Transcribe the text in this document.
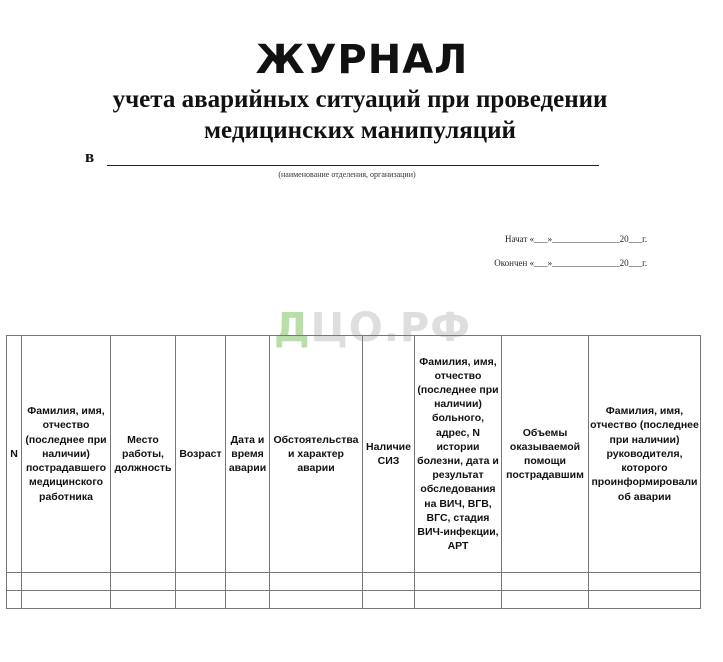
ЖУРНАЛ

учета аварийных ситуаций при проведении
медицинских манипуляций

в
(наименование отделения, организации)
Начат «___»_______________20___г.
Окончен «___»_______________20___г.
ДЦО.РФ
N	Фамилия, имя, отчество (последнее при наличии) пострадавшего медицинского работника	Место работы, должность	Возраст	Дата и время аварии	Обстоятельства и характер аварии	Наличие СИЗ	Фамилия, имя, отчество (последнее при наличии) больного, адрес, N истории болезни, дата и результат обследования на ВИЧ, ВГВ, ВГС, стадия ВИЧ-инфекции, АРТ	Объемы оказываемой помощи пострадавшим	Фамилия, имя, отчество (последнее при наличии) руководителя, которого проинформировали об аварии
